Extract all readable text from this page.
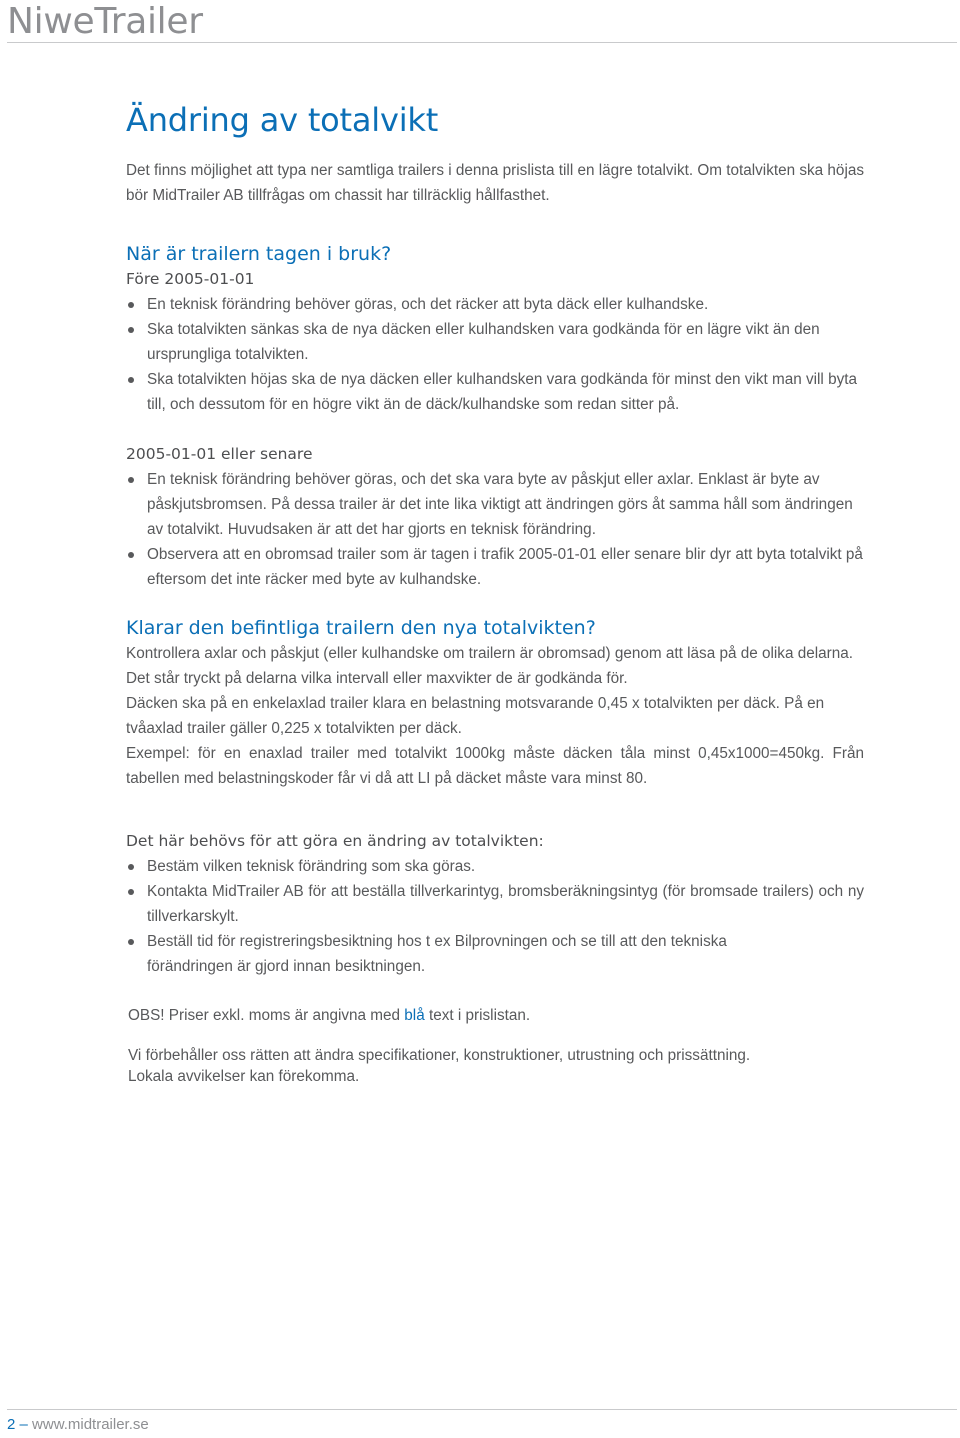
NiweTrailer
Ändring av totalvikt

Det finns möjlighet att typa ner samtliga trailers i denna prislista till en lägre totalvikt. Om totalvikten ska höjas bör MidTrailer AB tillfrågas om chassit har tillräcklig hållfasthet.

När är trailern tagen i bruk?
Före 2005-01-01
En teknisk förändring behöver göras, och det räcker att byta däck eller kulhandske.
Ska totalvikten sänkas ska de nya däcken eller kulhandsken vara godkända för en lägre vikt än den ursprungliga totalvikten.
Ska totalvikten höjas ska de nya däcken eller kulhandsken vara godkända för minst den vikt man vill byta till, och dessutom för en högre vikt än de däck/kulhandske som redan sitter på.
2005-01-01 eller senare
En teknisk förändring behöver göras, och det ska vara byte av påskjut eller axlar. Enklast är byte av påskjutsbromsen. På dessa trailer är det inte lika viktigt att ändringen görs åt samma håll som ändringen av totalvikt. Huvudsaken är att det har gjorts en teknisk förändring.
Observera att en obromsad trailer som är tagen i trafik 2005-01-01 eller senare blir dyr att byta totalvikt på eftersom det inte räcker med byte av kulhandske.
Klarar den befintliga trailern den nya totalvikten?

Kontrollera axlar och påskjut (eller kulhandske om trailern är obromsad) genom att läsa på de olika delarna. Det står tryckt på delarna vilka intervall eller maxvikter de är godkända för.

Däcken ska på en enkelaxlad trailer klara en belastning motsvarande 0,45 x totalvikten per däck. På en tvåaxlad trailer gäller 0,225 x totalvikten per däck.

Exempel: för en enaxlad trailer med totalvikt 1000kg måste däcken tåla minst 0,45x1000=450kg. Från tabellen med belastningskoder får vi då att LI på däcket måste vara minst 80.

Det här behövs för att göra en ändring av totalvikten:
Bestäm vilken teknisk förändring som ska göras.
Kontakta MidTrailer AB för att beställa tillverkarintyg, bromsberäkningsintyg (för bromsade trailers) och ny tillverkarskylt.
Beställ tid för registreringsbesiktning hos t ex Bilprovningen och se till att den tekniska förändringen är gjord innan besiktningen.

OBS! Priser exkl. moms är angivna med blå text i prislistan.

Vi förbehåller oss rätten att ändra specifikationer, konstruktioner, utrustning och prissättning.

Lokala avvikelser kan förekomma.

2 – www.midtrailer.se
